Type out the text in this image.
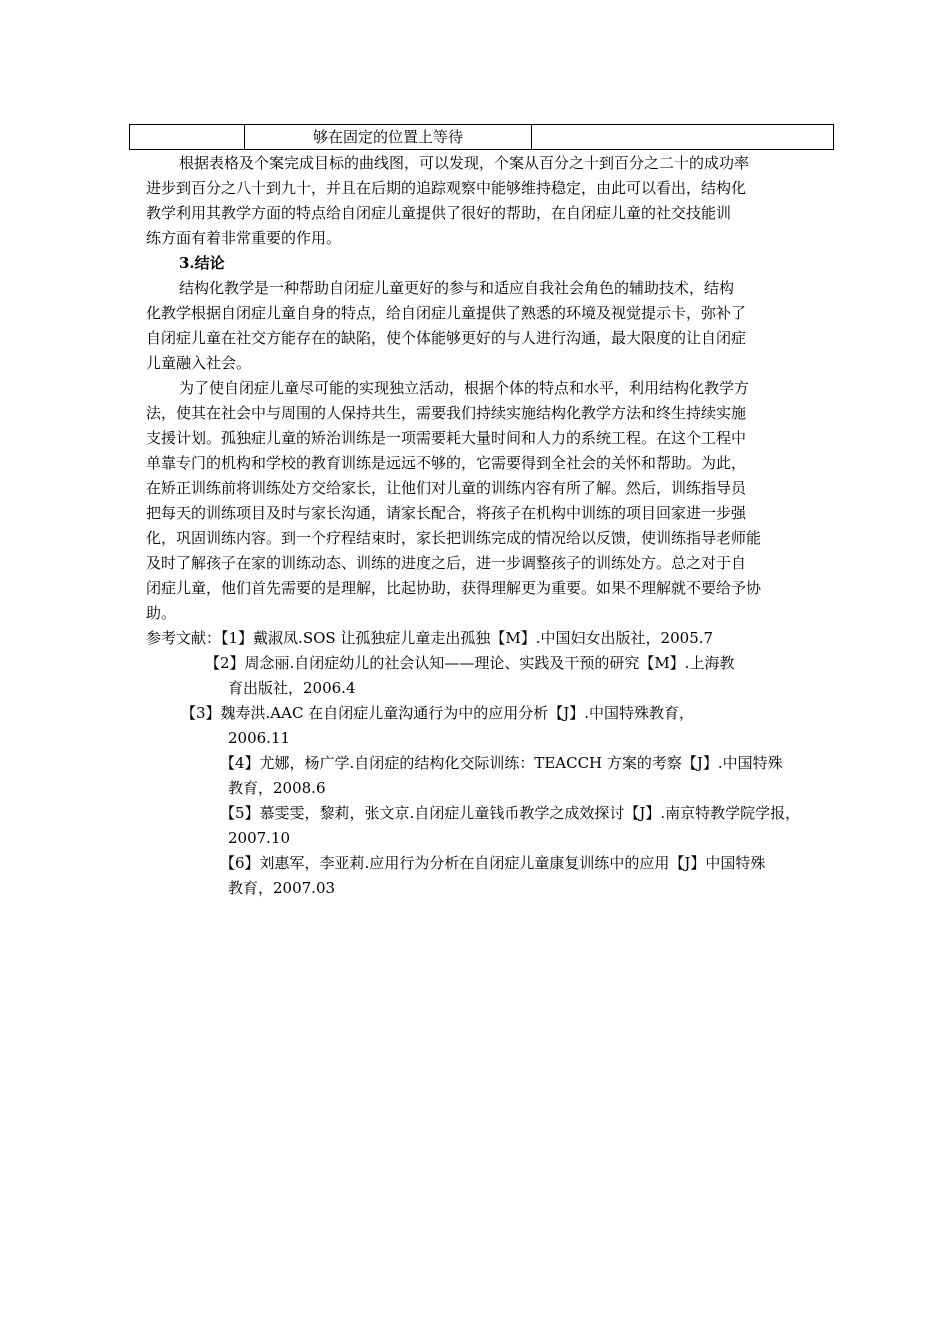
	够在固定的位置上等待	
根据表格及个案完成目标的曲线图，可以发现，个案从百分之十到百分之二十的成功率
进步到百分之八十到九十，并且在后期的追踪观察中能够维持稳定，由此可以看出，结构化
教学利用其教学方面的特点给自闭症儿童提供了很好的帮助，在自闭症儿童的社交技能训
练方面有着非常重要的作用。
3.结论
结构化教学是一种帮助自闭症儿童更好的参与和适应自我社会角色的辅助技术，结构
化教学根据自闭症儿童自身的特点，给自闭症儿童提供了熟悉的环境及视觉提示卡，弥补了
自闭症儿童在社交方能存在的缺陷，使个体能够更好的与人进行沟通，最大限度的让自闭症
儿童融入社会。
为了使自闭症儿童尽可能的实现独立活动，根据个体的特点和水平，利用结构化教学方
法，使其在社会中与周围的人保持共生，需要我们持续实施结构化教学方法和终生持续实施
支援计划。孤独症儿童的矫治训练是一项需要耗大量时间和人力的系统工程。在这个工程中
单靠专门的机构和学校的教育训练是远远不够的，它需要得到全社会的关怀和帮助。为此，
在矫正训练前将训练处方交给家长，让他们对儿童的训练内容有所了解。然后，训练指导员
把每天的训练项目及时与家长沟通，请家长配合，将孩子在机构中训练的项目回家进一步强
化，巩固训练内容。到一个疗程结束时，家长把训练完成的情况给以反馈，使训练指导老师能
及时了解孩子在家的训练动态、训练的进度之后，进一步调整孩子的训练处方。总之对于自
闭症儿童，他们首先需要的是理解，比起协助，获得理解更为重要。如果不理解就不要给予协
助。
参考文献：【1】戴淑凤.SOS 让孤独症儿童走出孤独【M】.中国妇女出版社，2005.7
【2】周念丽.自闭症幼儿的社会认知——理论、实践及干预的研究【M】.上海教
育出版社，2006.4
【3】魏寿洪.AAC 在自闭症儿童沟通行为中的应用分析【J】.中国特殊教育，
2006.11
【4】尤娜，杨广学.自闭症的结构化交际训练：TEACCH 方案的考察【J】.中国特殊
教育，2008.6
【5】慕雯雯，黎莉，张文京.自闭症儿童钱币教学之成效探讨【J】.南京特教学院学报，
2007.10
【6】刘惠军，李亚莉.应用行为分析在自闭症儿童康复训练中的应用【J】中国特殊
教育，2007.03
